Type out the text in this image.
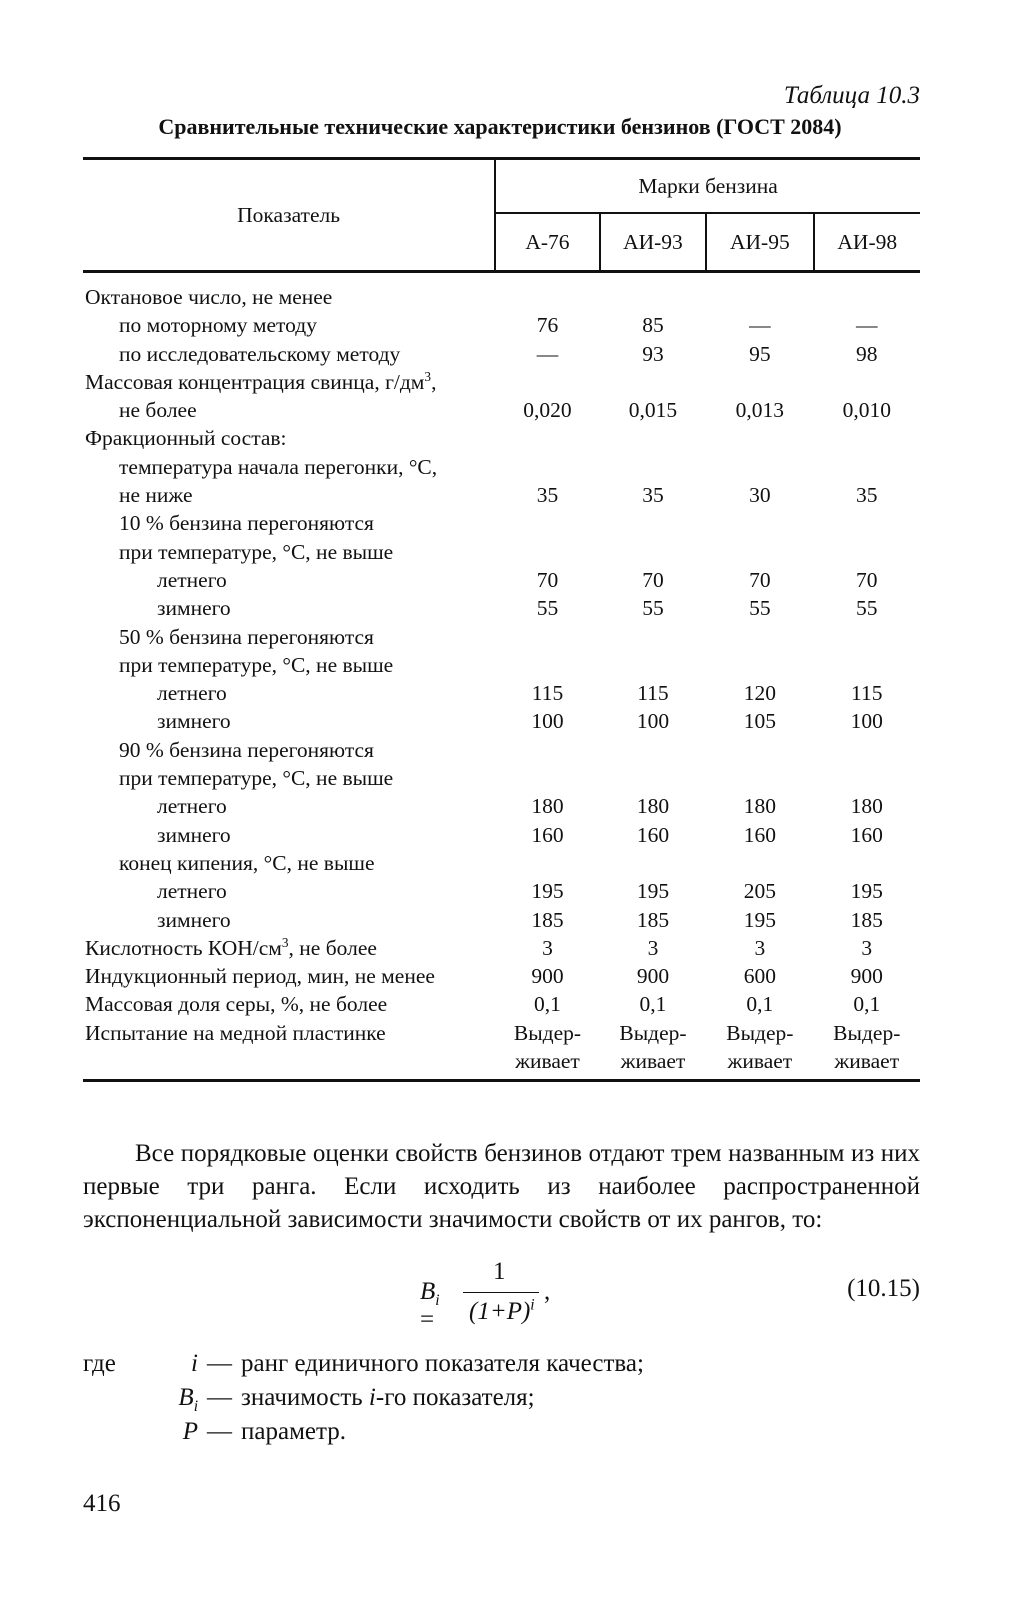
Таблица 10.3
Сравнительные технические характеристики бензинов (ГОСТ 2084)
Показатель	Марки бензина			
	А-76	АИ-93	АИ-95	АИ-98
Октановое число, не менее				
по моторному методу	76	85	—	—
по исследовательскому методу	—	93	95	98
Массовая концентрация свинца, $г/дм^3$,				
не более	0,020	0,015	0,013	0,010
Фракционный состав:				
температура начала перегонки, °С,				
не ниже	35	35	30	35
10 % бензина перегоняются				
при температуре, °С, не выше				
летнего	70	70	70	70
зимнего	55	55	55	55
50 % бензина перегоняются				
при температуре, °С, не выше				
летнего	115	115	120	115
зимнего	100	100	105	100
90 % бензина перегоняются				
при температуре, °С, не выше				
летнего	180	180	180	180
зимнего	160	160	160	160
конец кипения, °С, не выше				
летнего	195	195	205	195
зимнего	185	185	195	185
Кислотность КОН/$см^3$, не более	3	3	3	3
Индукционный период, мин, не менее	900	900	600	900
Массовая доля серы, %, не более	0,1	0,1	0,1	0,1
Испытание на медной пластинке	Выдер-	Выдер-	Выдер-	Выдер-
	живает	живает	живает	живает
Все порядковые оценки свойств бензинов отдают трем названным из них первые три ранга. Если исходить из наиболее распространенной экспоненциальной зависимости значимости свойств от их рангов, то:
$B_i$ =
1
$(1+P)^i$
,	(10.15)
где	i — ранг единичного показателя качества;
$B_i$ — значимость i-го показателя;
P — параметр.
416
